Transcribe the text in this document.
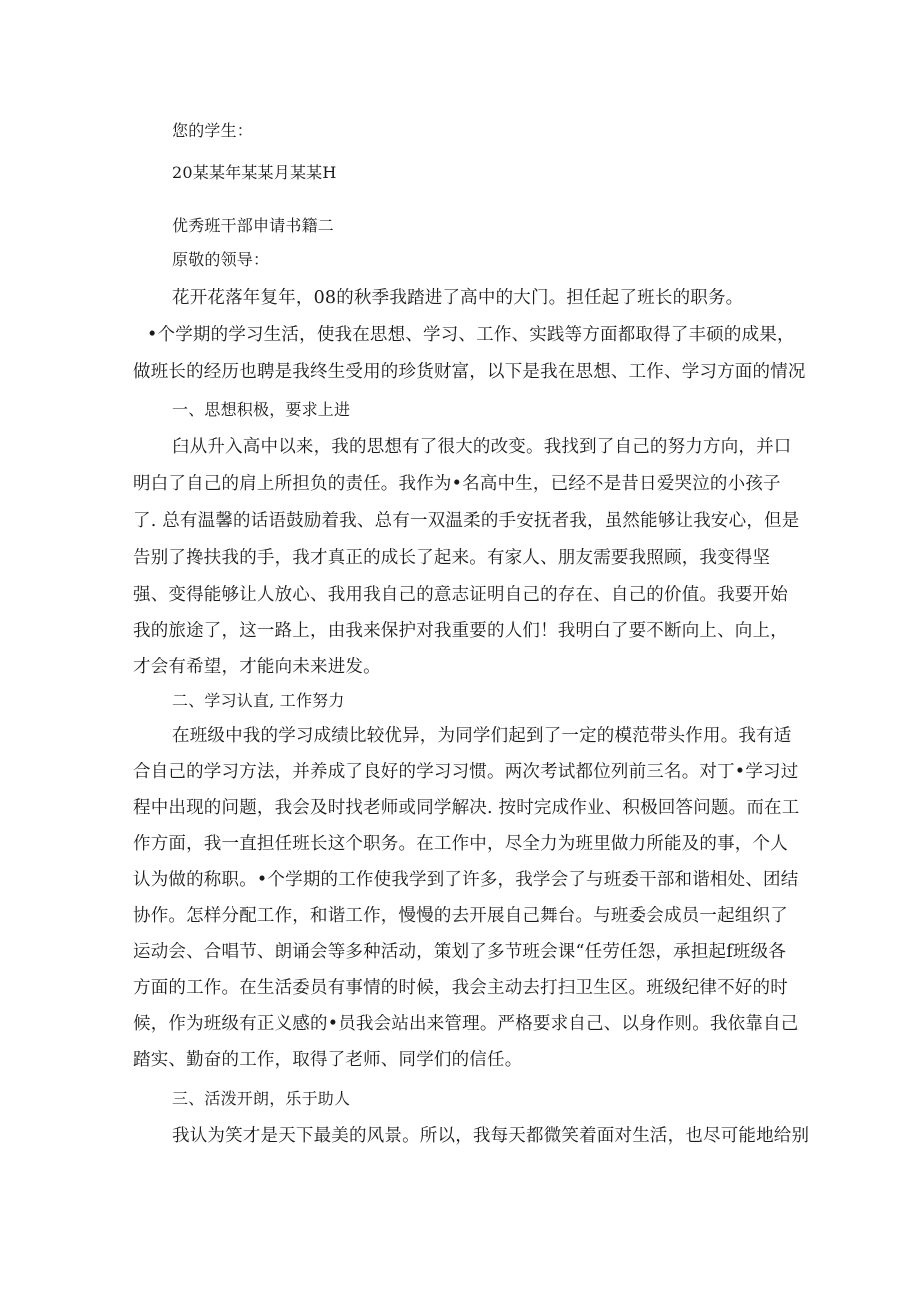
您的学生：
20某某年某某月某某H
优秀班干部申请书籍二
原敬的领导：
花开花落年复年，08的秋季我踏进了高中的大门。担任起了班长的职务。
•个学期的学习生活，使我在思想、学习、工作、实践等方面都取得了丰硕的成果，
做班长的经历也聘是我终生受用的珍货财富，以下是我在思想、工作、学习方面的情况
一、思想积极，要求上进
臼从升入高中以来，我的思想有了很大的改变。我找到了自己的努力方向，并口
明白了自己的肩上所担负的责任。我作为•名高中生，已经不是昔日爱哭泣的小孩子
了. 总有温馨的话语鼓励着我、总有一双温柔的手安抚者我，虽然能够让我安心，但是
告别了搀扶我的手，我才真正的成长了起来。有家人、朋友需要我照顾，我变得坚
强、变得能够让人放心、我用我自己的意志证明自己的存在、自己的价值。我要开始
我的旅途了，这一路上，由我来保护对我重要的人们！我明白了要不断向上、向上，
才会有希望，才能向未来进发。
二、学习认直, 工作努力
在班级中我的学习成绩比较优异，为同学们起到了一定的模范带头作用。我有适
合自己的学习方法，并养成了良好的学习习惯。两次考试都位列前三名。对丁•学习过
程中出现的问题，我会及时找老师或同学解决. 按时完成作业、积极回答问题。而在工
作方面，我一直担任班长这个职务。在工作中，尽全力为班里做力所能及的事，个人
认为做的称职。•个学期的工作使我学到了许多，我学会了与班委干部和谐相处、团结
协作。怎样分配工作，和谐工作，慢慢的去开展自己舞台。与班委会成员一起组织了
运动会、合唱节、朗诵会等多种活动，策划了多节班会课“任劳任怨，承担起f班级各
方面的工作。在生活委员有事情的时候，我会主动去打扫卫生区。班级纪律不好的时
候，作为班级有正义感的•员我会站出来管理。严格要求自己、以身作则。我依靠自己
踏实、勤奋的工作，取得了老师、同学们的信任。
三、活泼开朗，乐于助人
我认为笑才是天下最美的风景。所以，我每天都微笑着面对生活，也尽可能地给别
